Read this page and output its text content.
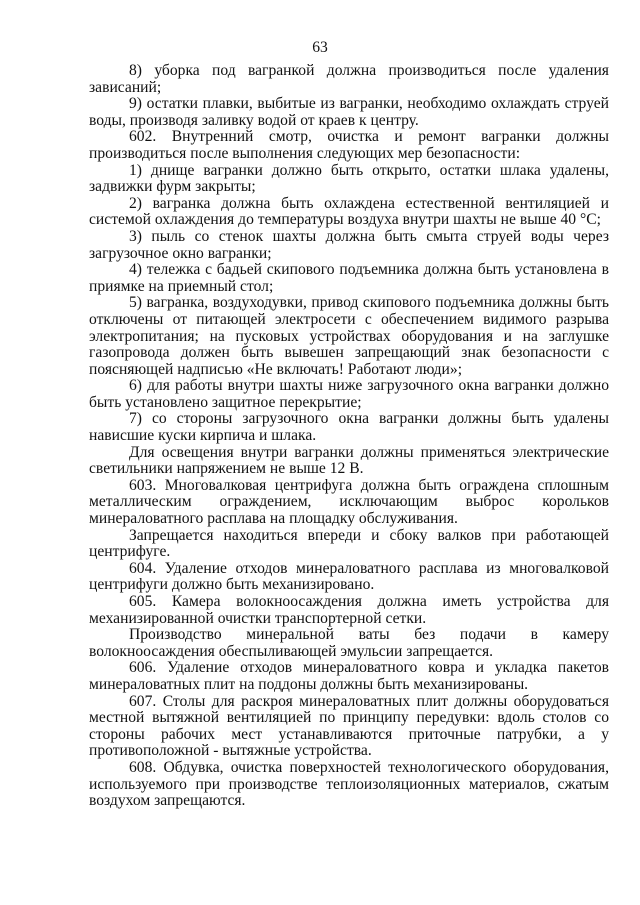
63

8) уборка под вагранкой должна производиться после удаления зависаний;

9) остатки плавки, выбитые из вагранки, необходимо охлаждать струей воды, производя заливку водой от краев к центру.

602. Внутренний смотр, очистка и ремонт вагранки должны производиться после выполнения следующих мер безопасности:

1) днище вагранки должно быть открыто, остатки шлака удалены, задвижки фурм закрыты;

2) вагранка должна быть охлаждена естественной вентиляцией и системой охлаждения до температуры воздуха внутри шахты не выше 40 °С;

3) пыль со стенок шахты должна быть смыта струей воды через загрузочное окно вагранки;

4) тележка с бадьей скипового подъемника должна быть установлена в приямке на приемный стол;

5) вагранка, воздуходувки, привод скипового подъемника должны быть отключены от питающей электросети с обеспечением видимого разрыва электропитания; на пусковых устройствах оборудования и на заглушке газопровода должен быть вывешен запрещающий знак безопасности с поясняющей надписью «Не включать! Работают люди»;

6) для работы внутри шахты ниже загрузочного окна вагранки должно быть установлено защитное перекрытие;

7) со стороны загрузочного окна вагранки должны быть удалены нависшие куски кирпича и шлака.

Для освещения внутри вагранки должны применяться электрические светильники напряжением не выше 12 В.

603. Многовалковая центрифуга должна быть ограждена сплошным металлическим ограждением, исключающим выброс корольков минераловатного расплава на площадку обслуживания.

Запрещается находиться впереди и сбоку валков при работающей центрифуге.

604. Удаление отходов минераловатного расплава из многовалковой центрифуги должно быть механизировано.

605. Камера волокноосаждения должна иметь устройства для механизированной очистки транспортерной сетки.

Производство минеральной ваты без подачи в камеру волокноосаждения обеспыливающей эмульсии запрещается.

606. Удаление отходов минераловатного ковра и укладка пакетов минераловатных плит на поддоны должны быть механизированы.

607. Столы для раскроя минераловатных плит должны оборудоваться местной вытяжной вентиляцией по принципу передувки: вдоль столов со стороны рабочих мест устанавливаются приточные патрубки, а у противоположной - вытяжные устройства.

608. Обдувка, очистка поверхностей технологического оборудования, используемого при производстве теплоизоляционных материалов, сжатым воздухом запрещаются.
